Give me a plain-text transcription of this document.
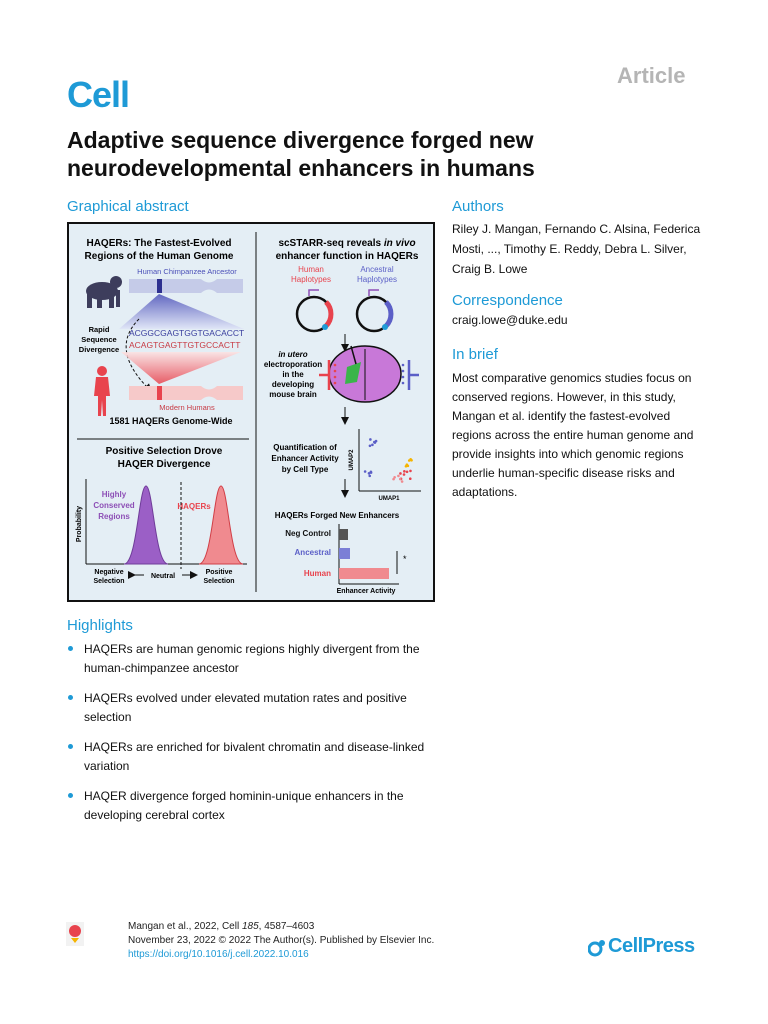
Cell	Article
Adaptive sequence divergence forged new neurodevelopmental enhancers in humans
Graphical abstract
HAQERs: The Fastest-Evolved
Regions of the Human Genome
Human Chimpanzee Ancestor
Rapid
Sequence
Divergence
ACGGCGAGTGGTGACACCT
ACAGTGAGTTGTGCCACTT
Modern Humans
1581 HAQERs Genome-Wide
Positive Selection Drove
HAQER Divergence
Probability
Highly
Conserved
Regions
HAQERs
Negative
Selection
Neutral
Positive
Selection
scSTARR-seq reveals in vivo
enhancer function in HAQERs
Human
Haplotypes
Ancestral
Haplotypes
in utero
electroporation
in the
developing
mouse brain
Quantification of
Enhancer Activity
by Cell Type	UMAP2
UMAP1
HAQERs Forged New Enhancers
Neg Control
Ancestral
Human
*
Enhancer Activity
Authors
Riley J. Mangan, Fernando C. Alsina, Federica Mosti, ..., Timothy E. Reddy, Debra L. Silver, Craig B. Lowe
Correspondence
craig.lowe@duke.edu
In brief
Most comparative genomics studies focus on conserved regions. However, in this study, Mangan et al. identify the fastest-evolved regions across the entire human genome and provide insights into which genomic regions underlie human-specific disease risks and adaptations.
Highlights
HAQERs are human genomic regions highly divergent from the human-chimpanzee ancestor
HAQERs evolved under elevated mutation rates and positive selection
HAQERs are enriched for bivalent chromatin and disease-linked variation
HAQER divergence forged hominin-unique enhancers in the developing cerebral cortex
Mangan et al., 2022, Cell 185, 4587–4603
November 23, 2022 © 2022 The Author(s). Published by Elsevier Inc.
https://doi.org/10.1016/j.cell.2022.10.016	CellPress
